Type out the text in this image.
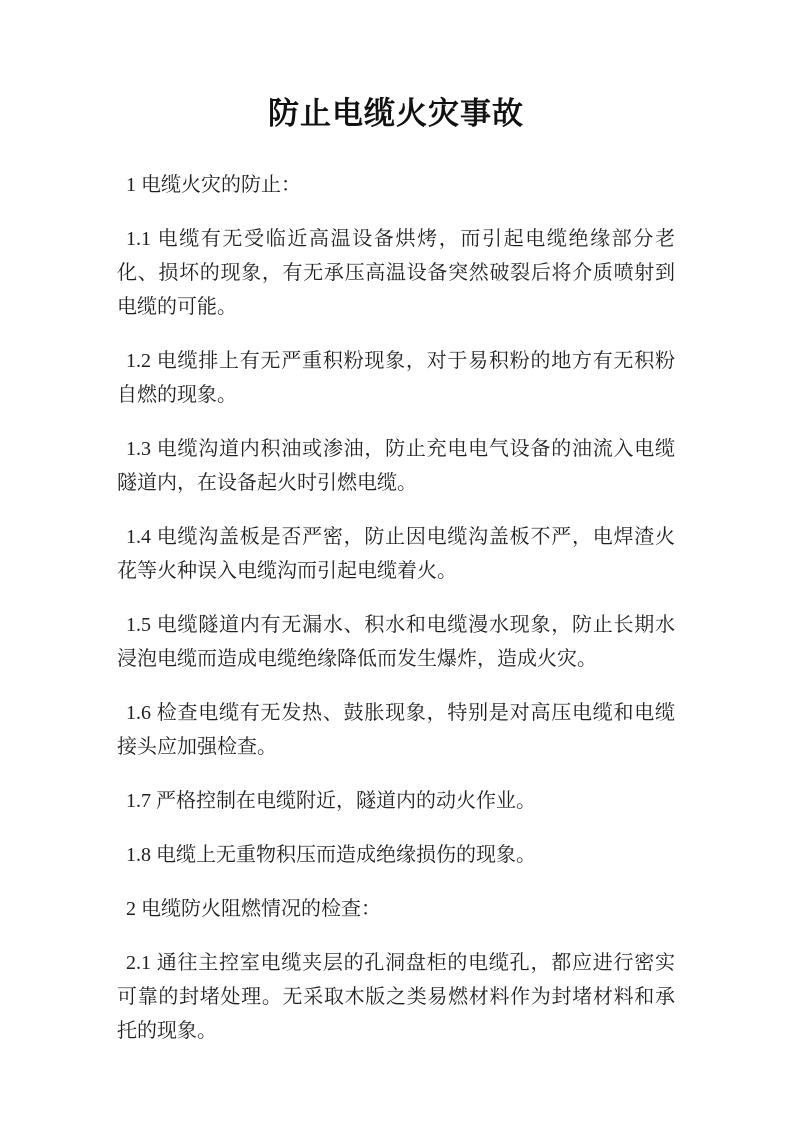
防止电缆火灾事故

1 电缆火灾的防止：

1.1 电缆有无受临近高温设备烘烤，而引起电缆绝缘部分老化、损坏的现象，有无承压高温设备突然破裂后将介质喷射到电缆的可能。

1.2 电缆排上有无严重积粉现象，对于易积粉的地方有无积粉自燃的现象。

1.3 电缆沟道内积油或渗油，防止充电电气设备的油流入电缆隧道内，在设备起火时引燃电缆。

1.4 电缆沟盖板是否严密，防止因电缆沟盖板不严，电焊渣火花等火种误入电缆沟而引起电缆着火。

1.5 电缆隧道内有无漏水、积水和电缆漫水现象，防止长期水浸泡电缆而造成电缆绝缘降低而发生爆炸，造成火灾。

1.6 检查电缆有无发热、鼓胀现象，特别是对高压电缆和电缆接头应加强检查。

1.7 严格控制在电缆附近，隧道内的动火作业。

1.8 电缆上无重物积压而造成绝缘损伤的现象。

2 电缆防火阻燃情况的检查：

2.1 通往主控室电缆夹层的孔洞盘柜的电缆孔，都应进行密实可靠的封堵处理。无采取木版之类易燃材料作为封堵材料和承托的现象。
